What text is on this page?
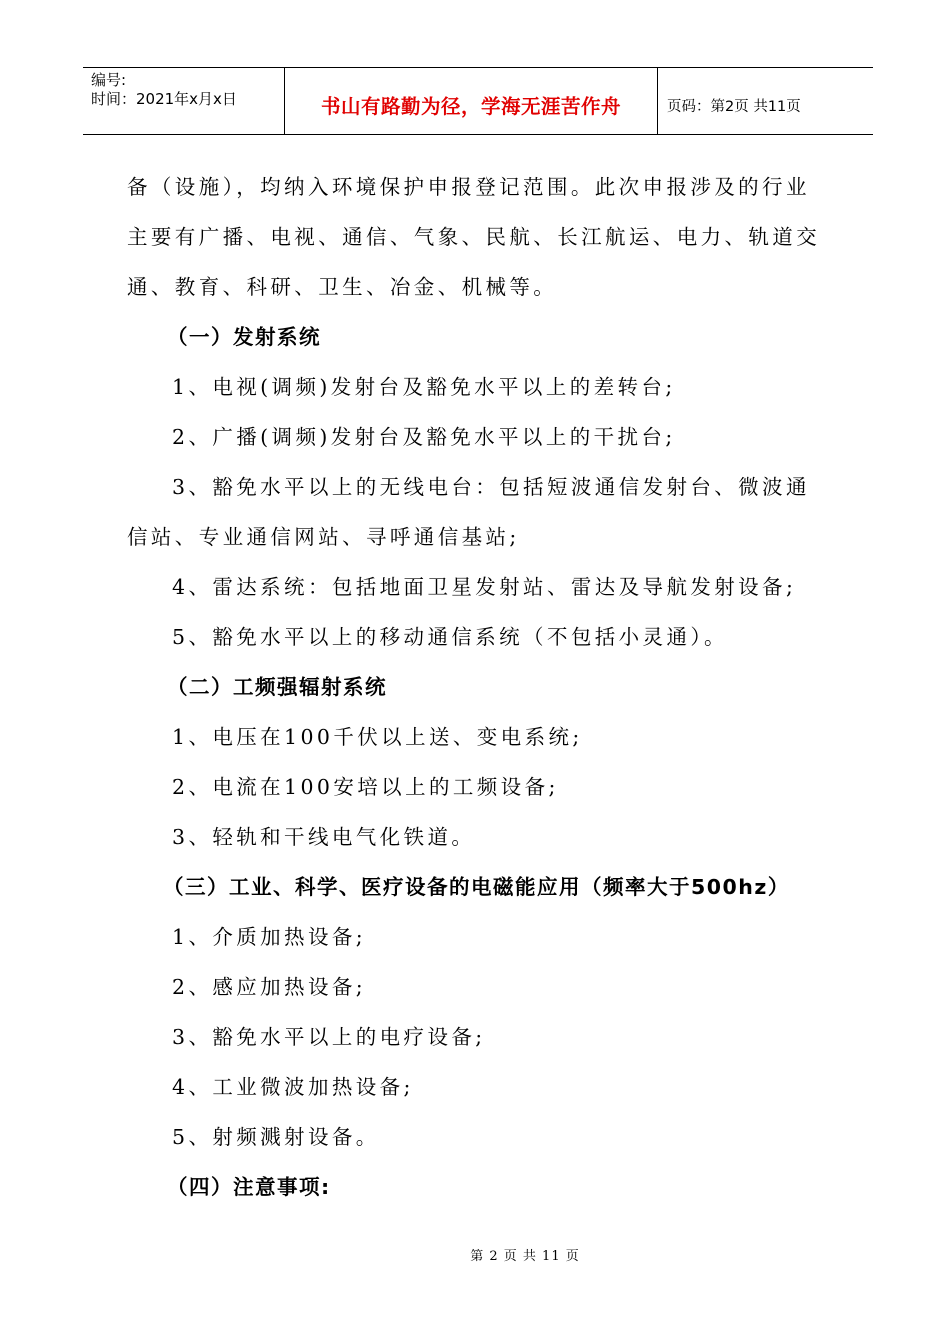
编号:
时间：2021年x月x日	书山有路勤为径，学海无涯苦作舟	页码：第2页 共11页
备（设施），均纳入环境保护申报登记范围。此次申报涉及的行业
主要有广播、电视、通信、气象、民航、长江航运、电力、轨道交
通、教育、科研、卫生、冶金、机械等。
（一）发射系统
1、电视(调频)发射台及豁免水平以上的差转台;
2、广播(调频)发射台及豁免水平以上的干扰台;
3、豁免水平以上的无线电台：包括短波通信发射台、微波通
信站、专业通信网站、寻呼通信基站;
4、雷达系统：包括地面卫星发射站、雷达及导航发射设备;
5、豁免水平以上的移动通信系统（不包括小灵通）。
（二）工频强辐射系统
1、电压在100千伏以上送、变电系统;
2、电流在100安培以上的工频设备;
3、轻轨和干线电气化铁道。
（三）工业、科学、医疗设备的电磁能应用（频率大于500hz）
1、介质加热设备;
2、感应加热设备;
3、豁免水平以上的电疗设备;
4、工业微波加热设备;
5、射频溅射设备。
（四）注意事项:
第 2 页 共 11 页
